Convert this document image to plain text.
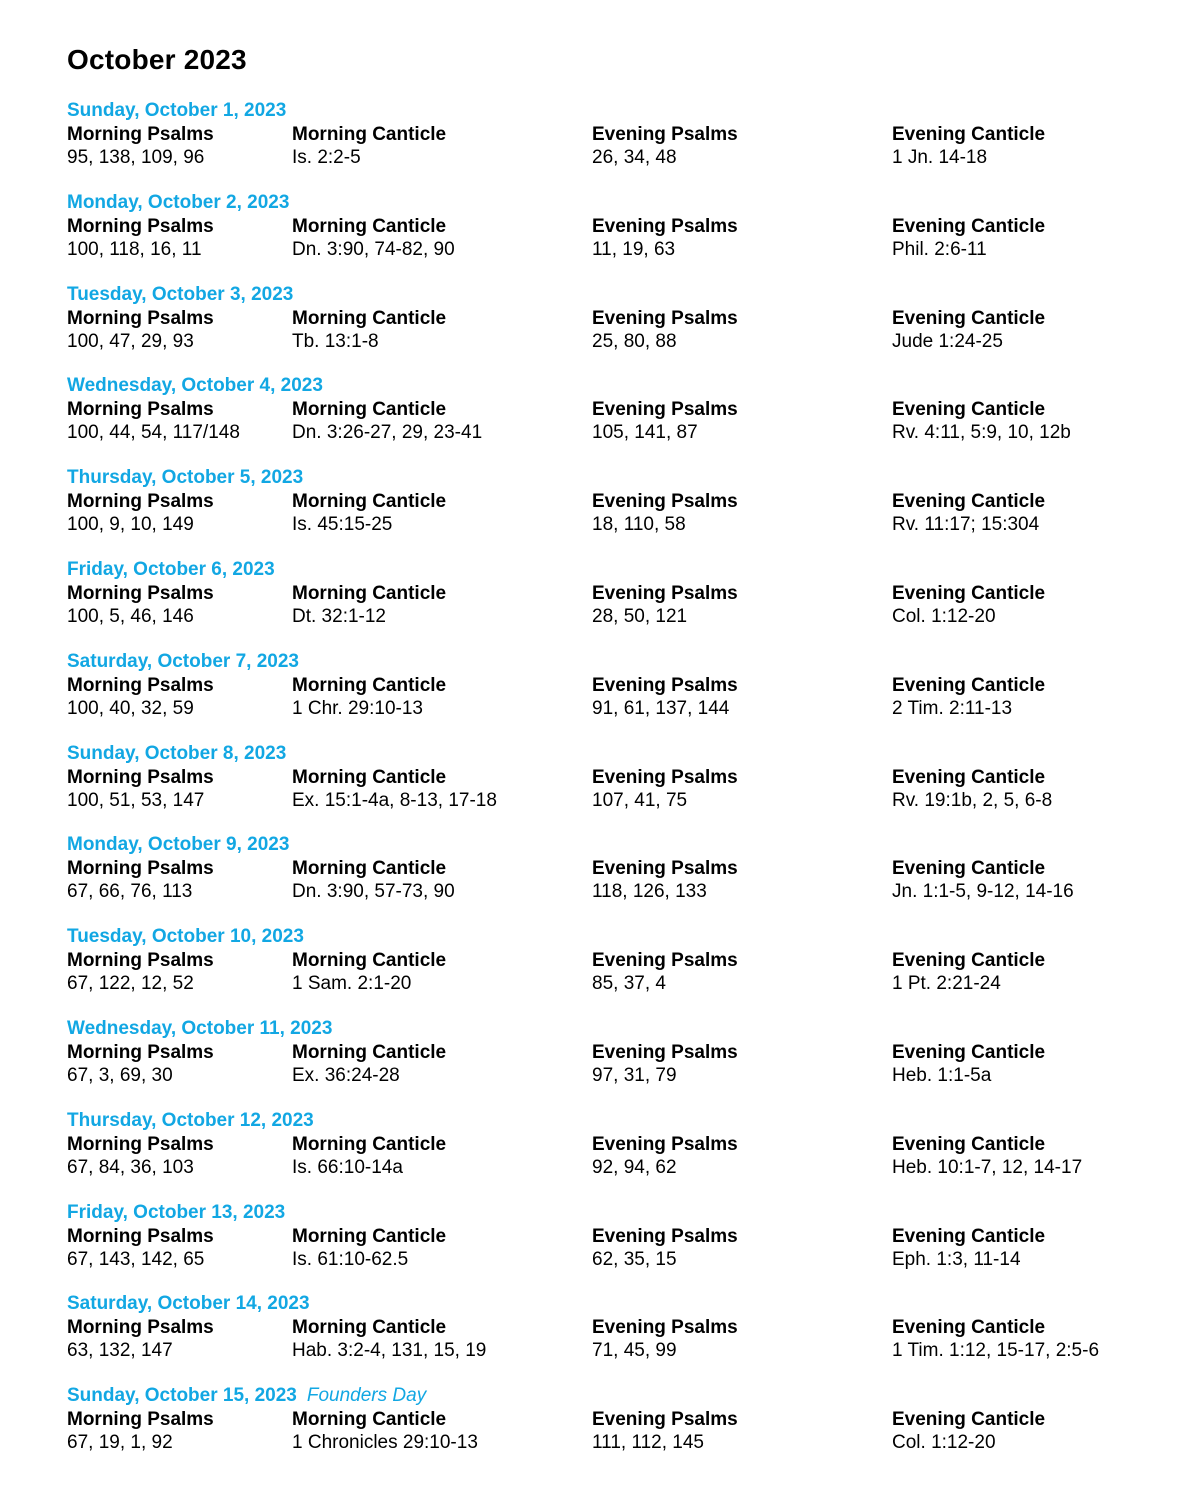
October 2023
Sunday, October 1, 2023
Morning Psalms
95, 138, 109, 96
Morning Canticle
Is. 2:2-5
Evening Psalms
26, 34, 48
Evening Canticle
1 Jn. 14-18
Monday, October 2, 2023
Morning Psalms
100, 118, 16, 11
Morning Canticle
Dn. 3:90, 74-82, 90
Evening Psalms
11, 19, 63
Evening Canticle
Phil. 2:6-11
Tuesday, October 3, 2023
Morning Psalms
100, 47, 29, 93
Morning Canticle
Tb. 13:1-8
Evening Psalms
25, 80, 88
Evening Canticle
Jude 1:24-25
Wednesday, October 4, 2023
Morning Psalms
100, 44, 54, 117/148
Morning Canticle
Dn. 3:26-27, 29, 23-41
Evening Psalms
105, 141, 87
Evening Canticle
Rv. 4:11, 5:9, 10, 12b
Thursday, October 5, 2023
Morning Psalms
100, 9, 10, 149
Morning Canticle
Is. 45:15-25
Evening Psalms
18, 110, 58
Evening Canticle
Rv. 11:17; 15:304
Friday, October 6, 2023
Morning Psalms
100, 5, 46, 146
Morning Canticle
Dt. 32:1-12
Evening Psalms
28, 50, 121
Evening Canticle
Col. 1:12-20
Saturday, October 7, 2023
Morning Psalms
100, 40, 32, 59
Morning Canticle
1 Chr. 29:10-13
Evening Psalms
91, 61, 137, 144
Evening Canticle
2 Tim. 2:11-13
Sunday, October 8, 2023
Morning Psalms
100, 51, 53, 147
Morning Canticle
Ex. 15:1-4a, 8-13, 17-18
Evening Psalms
107, 41, 75
Evening Canticle
Rv. 19:1b, 2, 5, 6-8
Monday, October 9, 2023
Morning Psalms
67, 66, 76, 113
Morning Canticle
Dn. 3:90, 57-73, 90
Evening Psalms
118, 126, 133
Evening Canticle
Jn. 1:1-5, 9-12, 14-16
Tuesday, October 10, 2023
Morning Psalms
67, 122, 12, 52
Morning Canticle
1 Sam. 2:1-20
Evening Psalms
85, 37, 4
Evening Canticle
1 Pt. 2:21-24
Wednesday, October 11, 2023
Morning Psalms
67, 3, 69, 30
Morning Canticle
Ex. 36:24-28
Evening Psalms
97, 31, 79
Evening Canticle
Heb. 1:1-5a
Thursday, October 12, 2023
Morning Psalms
67, 84, 36, 103
Morning Canticle
Is. 66:10-14a
Evening Psalms
92, 94, 62
Evening Canticle
Heb. 10:1-7, 12, 14-17
Friday, October 13, 2023
Morning Psalms
67, 143, 142, 65
Morning Canticle
Is. 61:10-62.5
Evening Psalms
62, 35, 15
Evening Canticle
Eph. 1:3, 11-14
Saturday, October 14, 2023
Morning Psalms
63, 132, 147
Morning Canticle
Hab. 3:2-4, 131, 15, 19
Evening Psalms
71, 45, 99
Evening Canticle
1 Tim. 1:12, 15-17, 2:5-6
Sunday, October 15, 2023 Founders Day
Morning Psalms
67, 19, 1, 92
Morning Canticle
1 Chronicles 29:10-13
Evening Psalms
111, 112, 145
Evening Canticle
Col. 1:12-20
